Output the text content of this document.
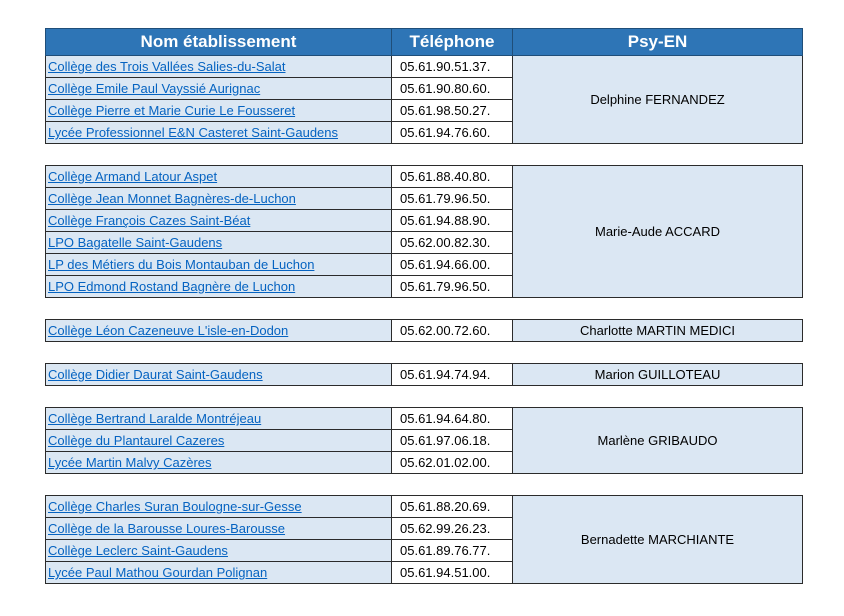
Nom établissement	Téléphone	Psy-EN
Collège des Trois Vallées Salies-du-Salat	05.61.90.51.37.	Delphine FERNANDEZ
Collège Emile Paul Vayssié Aurignac	05.61.90.80.60.	
Collège Pierre et Marie Curie Le Fousseret	05.61.98.50.27.	
Lycée Professionnel E&N Casteret Saint-Gaudens	05.61.94.76.60.	

Collège Armand Latour Aspet	05.61.88.40.80.	Marie-Aude ACCARD
Collège Jean Monnet Bagnères-de-Luchon	05.61.79.96.50.	
Collège François Cazes Saint-Béat	05.61.94.88.90.	
LPO Bagatelle Saint-Gaudens	05.62.00.82.30.	
LP des Métiers du Bois Montauban de Luchon	05.61.94.66.00.	
LPO Edmond Rostand Bagnère de Luchon	05.61.79.96.50.	

Collège Léon Cazeneuve L'isle-en-Dodon	05.62.00.72.60.	Charlotte MARTIN MEDICI

Collège Didier Daurat Saint-Gaudens	05.61.94.74.94.	Marion GUILLOTEAU

Collège Bertrand Laralde Montréjeau	05.61.94.64.80.	Marlène GRIBAUDO
Collège du Plantaurel Cazeres	05.61.97.06.18.	
Lycée Martin Malvy Cazères	05.62.01.02.00.	

Collège Charles Suran Boulogne-sur-Gesse	05.61.88.20.69.	Bernadette MARCHIANTE
Collège de la Barousse Loures-Barousse	05.62.99.26.23.	
Collège Leclerc Saint-Gaudens	05.61.89.76.77.	
Lycée Paul Mathou Gourdan Polignan	05.61.94.51.00.	
